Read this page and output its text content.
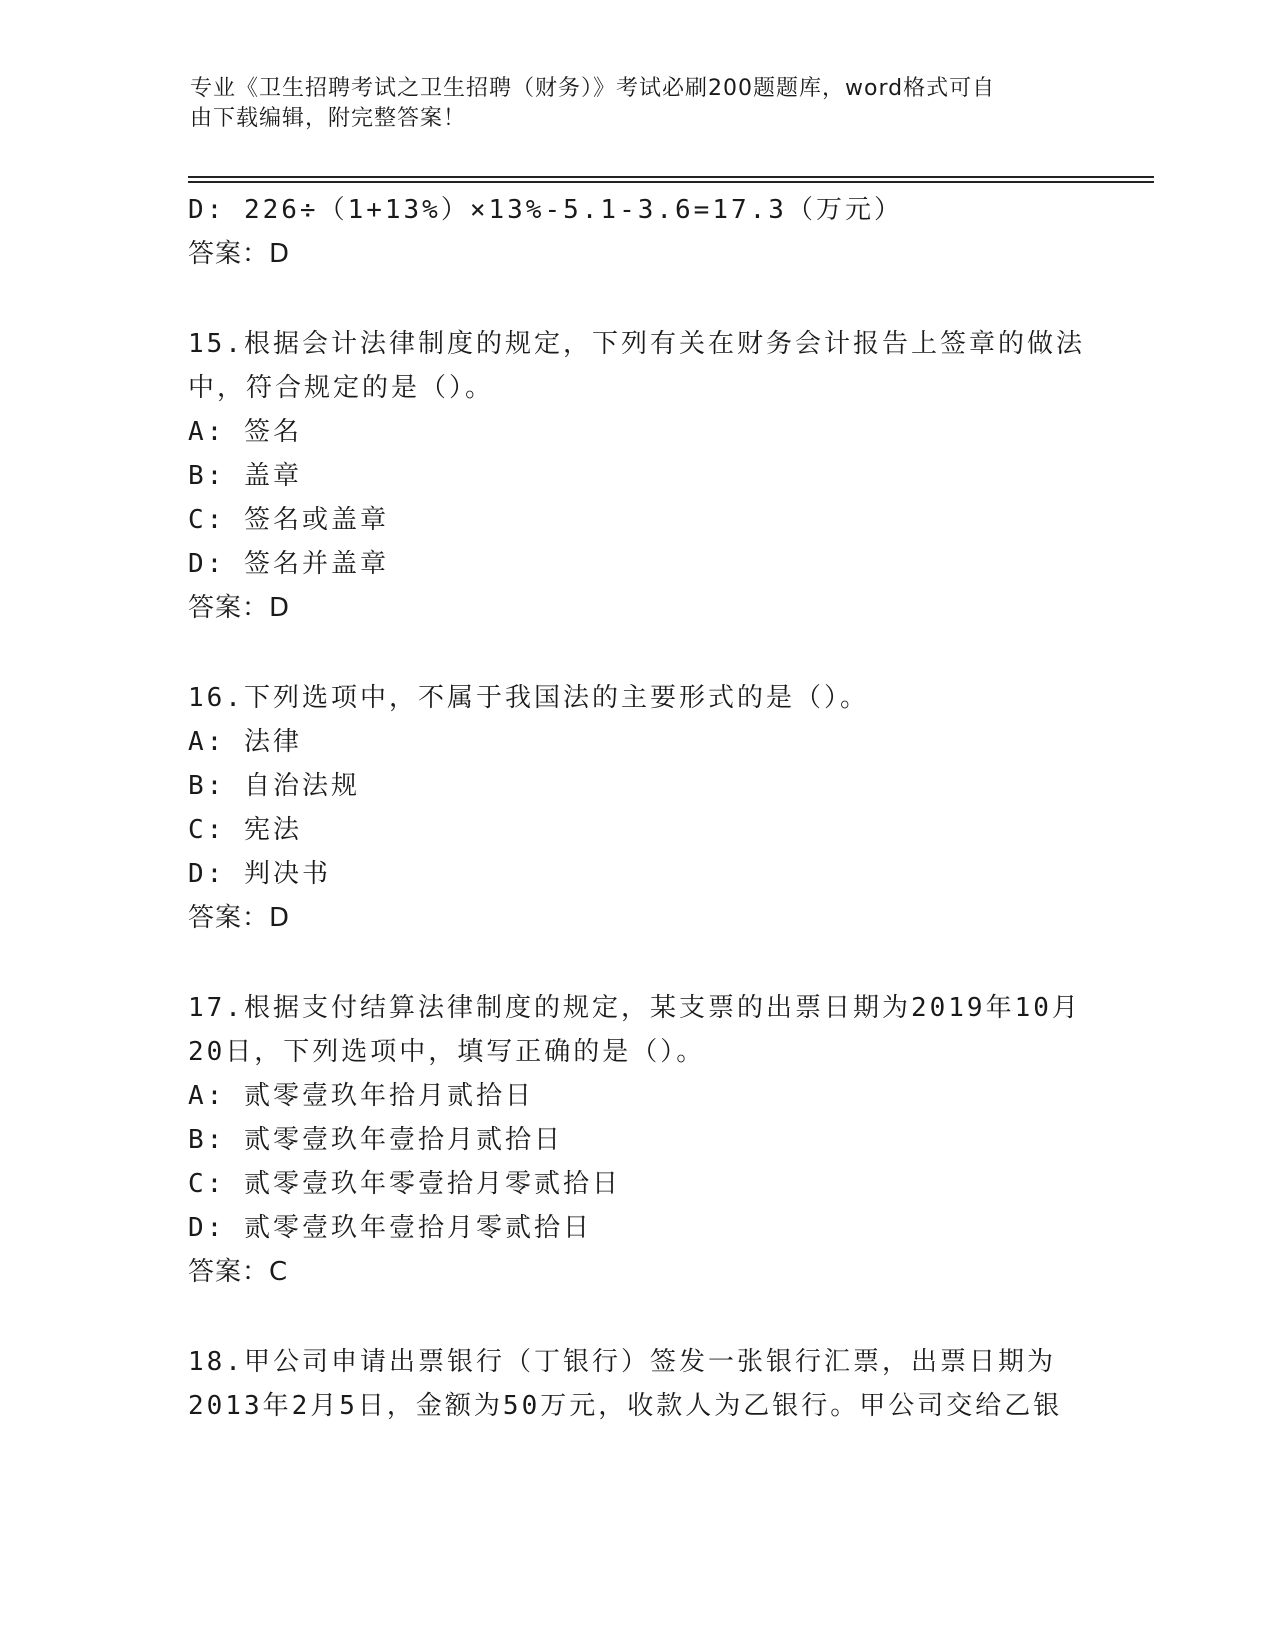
专业《卫生招聘考试之卫生招聘（财务）》考试必刷200题题库，word格式可自
由下载编辑，附完整答案！
D: 226÷（1+13%）×13%-5.1-3.6=17.3（万元）
答案：D
15.根据会计法律制度的规定，下列有关在财务会计报告上签章的做法
中，符合规定的是（）。
A: 签名
B: 盖章
C: 签名或盖章
D: 签名并盖章
答案：D
16.下列选项中，不属于我国法的主要形式的是（）。
A: 法律
B: 自治法规
C: 宪法
D: 判决书
答案：D
17.根据支付结算法律制度的规定，某支票的出票日期为2019年10月
20日，下列选项中，填写正确的是（）。
A: 贰零壹玖年拾月贰拾日
B: 贰零壹玖年壹拾月贰拾日
C: 贰零壹玖年零壹拾月零贰拾日
D: 贰零壹玖年壹拾月零贰拾日
答案：C
18.甲公司申请出票银行（丁银行）签发一张银行汇票，出票日期为
2013年2月5日，金额为50万元，收款人为乙银行。甲公司交给乙银
